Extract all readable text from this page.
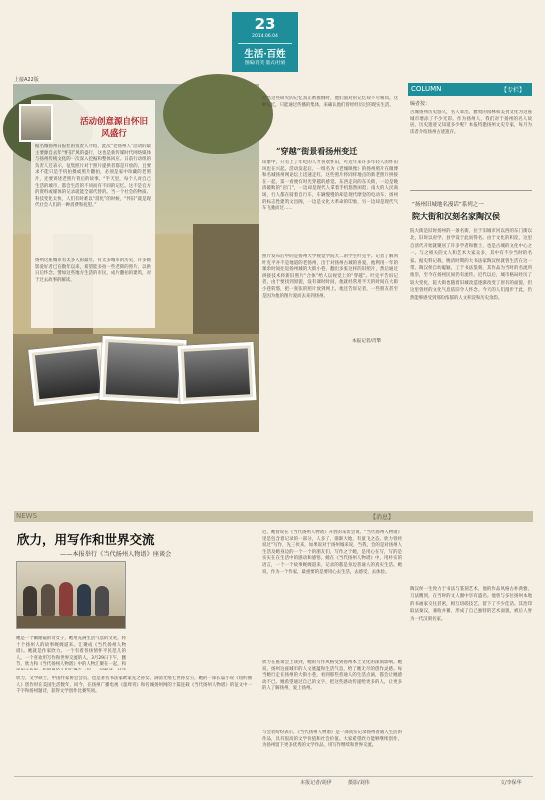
23
2014.06.04
生活·百姓
图编/肖笑 版式/杜娟
上接A22版
活动创意源自怀旧风盛行
据名城扬州日报社的负责人介绍，此次“老扬州人”活动的最主要源自去年“怀旧”风的盛行，这也是新传媒时代网络媒体与扬州传统文化的一次深入挖掘和整体回应。日前行动组的负责人还表示，征集照片对于照片提供者都是开放的，且要求不能只是手机拍摄或照片翻拍，必须是家中珍藏的老照片，还要讲述老照片背后的故事。“半天里，每个人对自己生活的城市，都会生活的不同而有不同的记忆。这不是官方的资料或媒体的记录就能全部代替的。当一个社会的物质、科技变化太快，人们有时难以“消化”的时候，“怀旧”就是现代社会人们的一种消费和抚慰。”
扬州这座城市有太多人的最年，有太多城市的历史，许多摄影爱好者已在数年以来，希望能多拍一些老街的照片，以供日后怀念。譬如这些地方生活的市民，成片翻拍的建筑，对于过去故事的解读。
但当这些研究的记忆真正被推倒时，他们面对的记忆却不尽相同。这种记忆，只能通过传播的集体，来确认他们曾经经历过的现实生活。
“穿越”街景看扬州变迁
印象中，只有上了年纪的人才喜欢怀旧，可近年来许多年轻人的怀旧风也在兴起。活动发起后，一组名为《老城映像》的扬州照片在微博和名城扬州网论坛上迅速走红，这些照片将同样地点的新老照片拼接在一起，第一看便有时光穿越的感觉。东西走向的东关街，一边是晚清破败的“店门”，一边却是现代人拿着手机悠然闲逛；南大的人民商场，行人都在骑着自行车，车辆慢慢的却是现代摩登的电动车；扬州的标志性建筑文昌阁，一边是文化大革命的印象，另一边却是现代气车飞驰而过……
照片发布后中的是扬州大学视觉学院大二的学生叶克平。记者了解到叶克平并不是地道的老扬州，出于对扬州古城的喜爱，他利用一年的课余时间往返扬州城的大街小巷，翻出多张这样的旧照片，然后通过拼接技术将新旧照片“合体”给人以视觉上的“穿越”。叶克平告诉记者，由于要找到原貌，没有课时时间，他就经常用半天的时间在大街小巷转悠，把一张张的照片放到网上。他还告诉记者，一些朋友甚至是因为他的图片爱而去来到扬州。
本报记者/肖擎
COLUMN	【专栏】
编者按：
古城扬州历史悠久，名人辈出，雅致的园林和美食文化为这座城市增添了不少光彩。作为扬州人，我们对于扬州的名人故居、历史遗迹又知道多少呢？本报特邀扬州文史专家，每月为读者介绍扬州古迹遗存。
“扬州旧城地名漫话”系列之一
院大街和汉刻名家陶汉侯
院大街是旧时扬州的一条名街，位于旧城市河以西的东门街以北，旧时以府学、县学设于此而得名。由于文化的积淀，这里自清代开始就聚居了许多学者和雅士，也是古城的文化中心之一。与之相关的文人和艺术大家众多，其中有不少当时的名家。据史料记载，晚清时期的大书法家陶汉侯就曾生活在这一带。陶汉侯自幼聪颖，工于书法篆刻，其作品为当时的名流所推崇，至今在扬州民间仍有流传。近代以后，城市格局经历了较大变化，院大街也随着旧城改造逐渐改变了原有的面貌，但这里曾经的文化气息依旧令人怀念。今天的人们漫步于此，仍然能够感受到那份浓郁的人文积淀和历史余韵。
陶汉侯一生致力于书法与篆刻艺术，他的作品风格古朴典雅，刀法精到，在当时的文人圈中享有盛名。他曾与多位扬州本地的书画家交往甚密，相互切磋技艺，留下了不少佳话。其治印取法秦汉，兼收并蓄，形成了自己独特的艺术面貌，被后人誉为一代汉刻名家。
NEWS	【消息】
欣力，用写作和世界交流
——本报举行《当代扬州人物谱》座谈会
她是一个戴眼镜的奇女子，她用充满生活气息的文笔，将十个扬州人的故事娓娓道来。汇聚成《当代扬州人物谱》。她就是作家欣力。一个有着普扬情怀平民范儿的人。一个喜欢用写作和世界交流的人。3月29日下午，删节，欣力和《当代扬州人物谱》中的人物汇聚在一起，和
欣力，文学硕士，中国作家协会会员，也是著名书法家欧家先之孙女。满清光绪七世孙女公，她的一部长篇小说《纽约丽人》创作时在美国生活数年，同今，在扬州广播电视《童周刊》和名城扬州网的十篇连载《当代扬州人物谱》的征文中一千字和扬州题诗，获得文学创作比赛奖项。
近，她曾说在《当代扬州人物谱》开放的采访会说，“当代扬州人物谱》里是包含着记录的一部分，人多了，渐渐大地，有童飞之态。欣力曾经说过“写作，先三伙来，如果说对于扬州城来说，当我，会的是对扬州人生活及她身边的一个一个的朋友们，写作之于她，是用心在写，写的是实实在在生活中的感动和感悟。她在《当代扬州人物谱》中，用朴实的语言，一个一个故事娓娓道来，记录的都是身边普通人的真实生活。她说，作为一个作家，最重要的是要用心去生活，去感受，去体验。
欣力在座谈会上谈到，她的写作风格受到扬州本土文化的深刻影响。她说，扬州这座城市的人文底蕴和生活气息，给了她无尽的创作灵感。每当她行走在扬州的大街小巷，看到那些普通人的生活点滴，都会让她感动不已。她希望通过自己的文字，把这些感动传递给更多的人，让更多的人了解扬州，爱上扬州。
与会者纷纷表示，《当代扬州人物谱》是一部真实记录扬州普通人生活的作品，具有很高的文学价值和社会价值。大家希望欣力能够继续创作，为扬州留下更多优秀的文学作品，用写作继续和世界交流。
本报记者/胡伊	摄影/刘伟	文/李保华
